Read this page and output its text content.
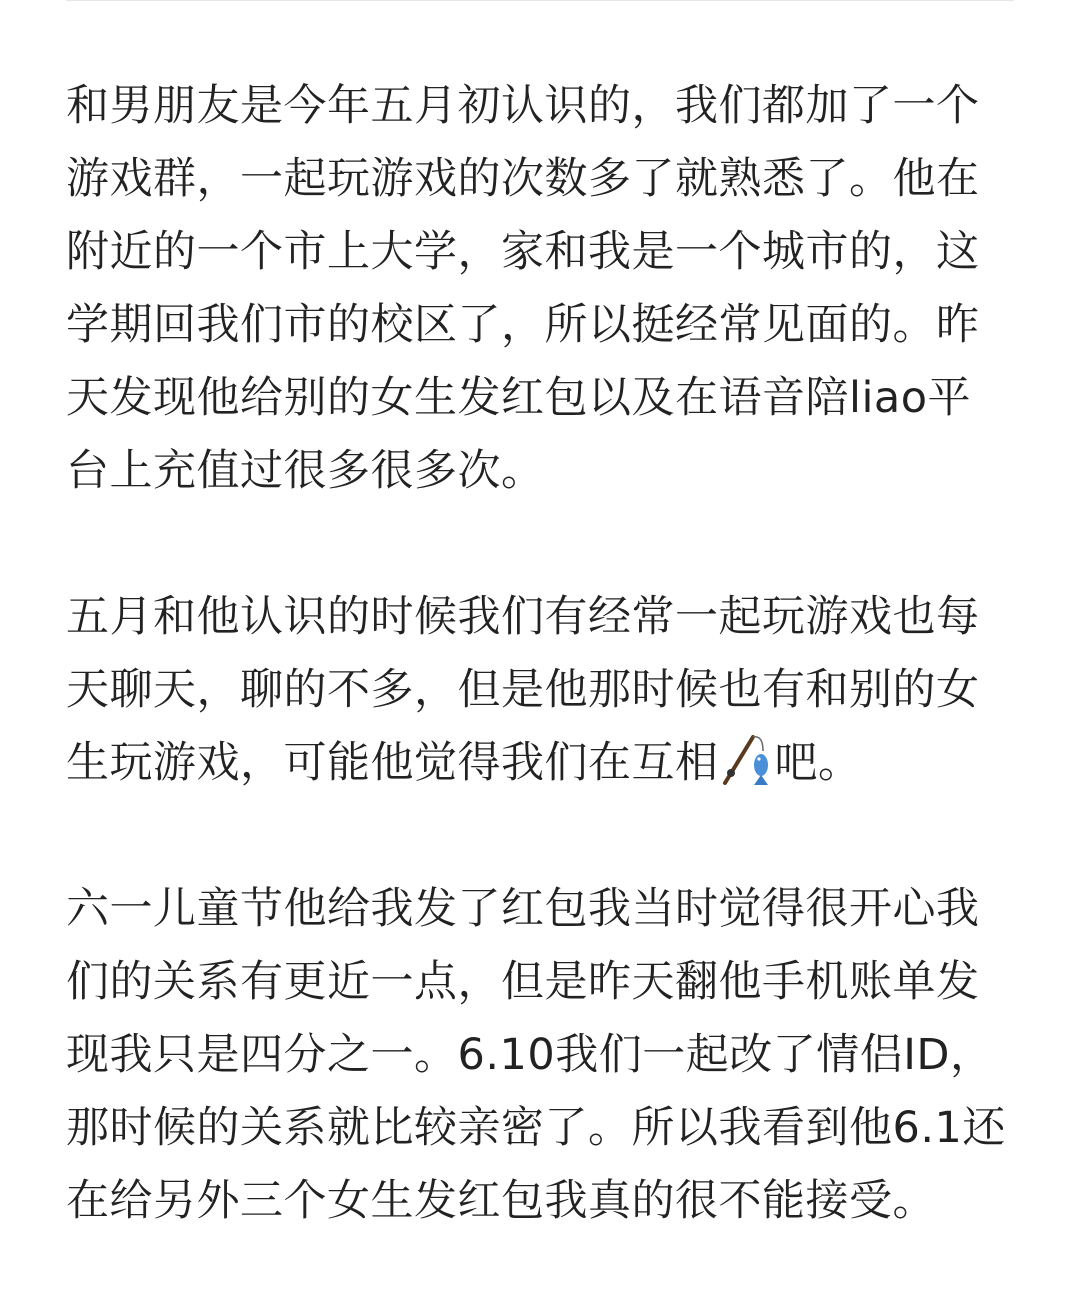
和男朋友是今年五月初认识的，我们都加了一个
游戏群，一起玩游戏的次数多了就熟悉了。他在
附近的一个市上大学，家和我是一个城市的，这
学期回我们市的校区了，所以挺经常见面的。昨
天发现他给别的女生发红包以及在语音陪liao平
台上充值过很多很多次。

五月和他认识的时候我们有经常一起玩游戏也每
天聊天，聊的不多，但是他那时候也有和别的女
生玩游戏，可能他觉得我们在互相 吧。

六一儿童节他给我发了红包我当时觉得很开心我
们的关系有更近一点，但是昨天翻他手机账单发
现我只是四分之一。6.10我们一起改了情侣ID，
那时候的关系就比较亲密了。所以我看到他6.1还
在给另外三个女生发红包我真的很不能接受。
